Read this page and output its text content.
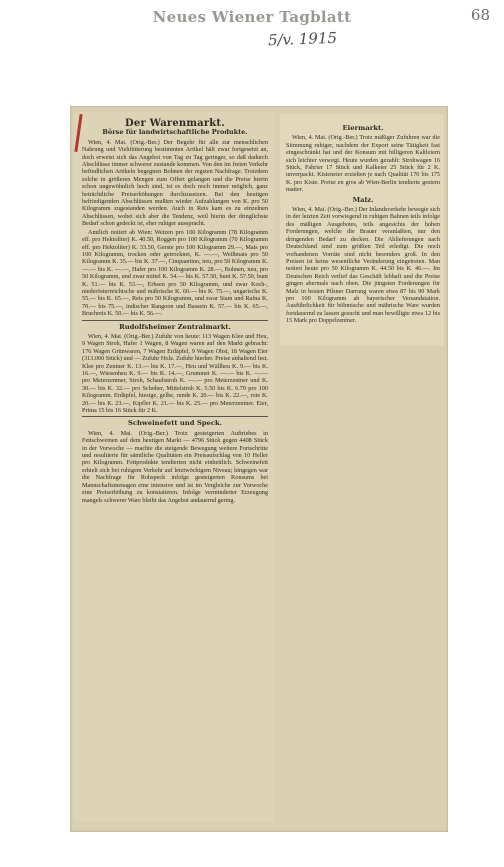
Neues Wiener Tagblatt	68
5/v. 1915
Der Warenmarkt.
Börse für landwirtschaftliche Produkte.

Wien, 4. Mai. (Orig.-Ber.) Der Begehr für alle zur menschlichen Nahrung und Viehfütterung bestimmten Artikel hält zwar fortgesetzt an, doch erweist sich das Angebot von Tag zu Tag geringer, so daß dadurch Abschlüsse immer schwerer zustande kommen. Von den im freien Verkehr befindlichen Artikeln begegnen Bohnen der regsten Nachfrage. Trotzdem solche in größeren Mengen zum Offert gelangen und die Preise hierin schon ungewöhnlich hoch sind, ist es doch noch immer möglich, ganz beträchtliche Preiserhöhungen durchzusetzen. Bei den heutigen befriedigenden Abschlüssen mußten wieder Aufzahlungen von K. pro 50 Kilogramm zugestanden werden. Auch in Reis kam es zu einzelnen Abschlüssen, wobei sich aber die Tendenz, weil hierin der dringlichste Bedarf schon gedeckt ist, eher ruhiger ausspracht.

Amtlich notiert ab Wien: Weizen pro 100 Kilogramm (78 Kilogramm eff. pro Hektoliter) K. 40.50, Roggen pro 100 Kilogramm (70 Kilogramm eff. pro Hektoliter) K. 33.50, Gerste pro 100 Kilogramm 29.—, Mais pro 100 Kilogramm, trocken oder getrocknet, K. —.—, Weißmais pro 50 Kilogramm K. 35.— bis K. 37.—, Cinquantino, neu, pro 50 Kilogramm K. —.— bis K. —.—, Hafer pro 100 Kilogramm K. 28.—, Bohnen, neu, pro 50 Kilogramm, und zwar mittel K. 54.— bis K. 57.50, bunt K. 57.50, bunt K. 51.— bis K. 53.—, Erbsen pro 50 Kilogramm, und zwar Koch-, niederösterreichische und mährische K. 60.— bis K. 75.—, ungarische K. 55.— bis K. 65.—, Reis pro 50 Kilogramm, und zwar Siam und Rafna K. 70.— bis 75.—, indischer Rangoon und Bassein K. 57.— bis K. 65.—, Bruchreis K. 50.— bis K. 56.—.

Rudolfsheimer Zentralmarkt.

Wien, 4. Mai. (Orig.-Ber.) Zufuhr von heute: 113 Wagen Klee und Heu, 9 Wagen Stroh, Hafer 1 Wagen, 8 Wagen waren auf den Markt gebracht: 176 Wagen Grünwaren, 7 Wagen Erdäpfel, 9 Wagen Obst, 18 Wagen Eier (313.000 Stück) und — Zufuhr Holz. Zufuhr hierher. Preise anhaltend fest. Klee pro Zentner K. 13.— bis K. 17.—, Heu und Wällheu K. 9.— bis K. 16.—, Wiesenheu K. 9.— bis K. 14.—, Grummet K. —.— bis K. —.— pro Meterzentner, Stroh, Schaubstroh K. —.— pro Meterzentner und K. 30.— bis K. 32.— pro Schober, Mittelstroh K. 5.50 bis K. 6.70 pro 100 Kilogramm. Erdäpfel, hiesige, gelbe, runde K. 20.— bis K. 22.—, rote K. 20.— bis K. 23.—, Kipfler K. 21.— bis K. 25.— pro Meterzentner. Eier, Prima 15 bis 16 Stück für 2 K.

Schweinefett und Speck.

Wien, 4. Mai. (Orig.-Ber.) Trotz gesteigerten Auftriebes in Fettschweinen auf dem heutigen Markt — 4796 Stück gegen 4408 Stück in der Vorwoche — machte die steigende Bewegung weitere Fortschritte und resultierte für sämtliche Qualitäten ein Preisaufschlag von 10 Heller pro Kilogramm. Fettprodukte tendierten nicht einheitlich. Schweinefett erhielt sich bei ruhigem Verkehr auf letztwöchigem Niveau; hingegen war die Nachfrage für Rohspeck infolge gesteigerten Konsums bei Mannschaftsmenagen eine intensive und ist im Vergleiche zur Vorwoche eine Preiserhöhung zu konstatieren. Infolge verminderter Erzeugung mangels schwerer Ware bleibt das Angebot andauernd gering.

Eiermarkt.

Wien, 4. Mai. (Orig.-Ber.) Trotz mäßiger Zufuhren war die Stimmung ruhiger, nachdem der Export seine Tätigkeit fast eingeschränkt hat und der Konsum mit billigeren Kaltleiern sich leichter versorgt. Heute wurden gezahlt: Strohwagen 16 Stück, Fahrier 17 Stück und Kalkeier 25 Stück für 2 K. unverpackt. Kisteneier erzielten je nach Qualität 170 bis 175 K. pro Kiste. Preise en gros ab Wien-Berlin tendierte gestern matter.

Malz.

Wien, 4. Mai. (Orig.-Ber.) Der Inlandsverkehr bewegte sich in der letzten Zeit vorwiegend in ruhigen Bahnen teils infolge des mäßigen Ausgebotes, teils angesichts der hohen Forderungen, welche die Brauer veranlaßten, nur den dringenden Bedarf zu decken. Die Ablieferungen nach Deutschland sind zum größten Teil erledigt. Die noch vorhandenen Vorräte sind nicht besonders groß. In den Preisen ist keine wesentliche Veränderung eingetreten. Man notiert heute pro 50 Kilogramm K. 44.50 bis K. 46.—. Im Deutschen Reich verlief das Geschäft lebhaft und die Preise gingen abermals nach oben. Die jüngsten Forderungen für Malz in besten Pilsner Darrung waren etwa 87 bis 90 Mark pro 100 Kilogramm ab bayerischer Versandstation. Ausführlichkeit für böhmische und mährische Ware wurden fortdauernd zu lassen gesucht und man bewilligte etwa 12 bis 15 Mark pro Doppelzentner.
